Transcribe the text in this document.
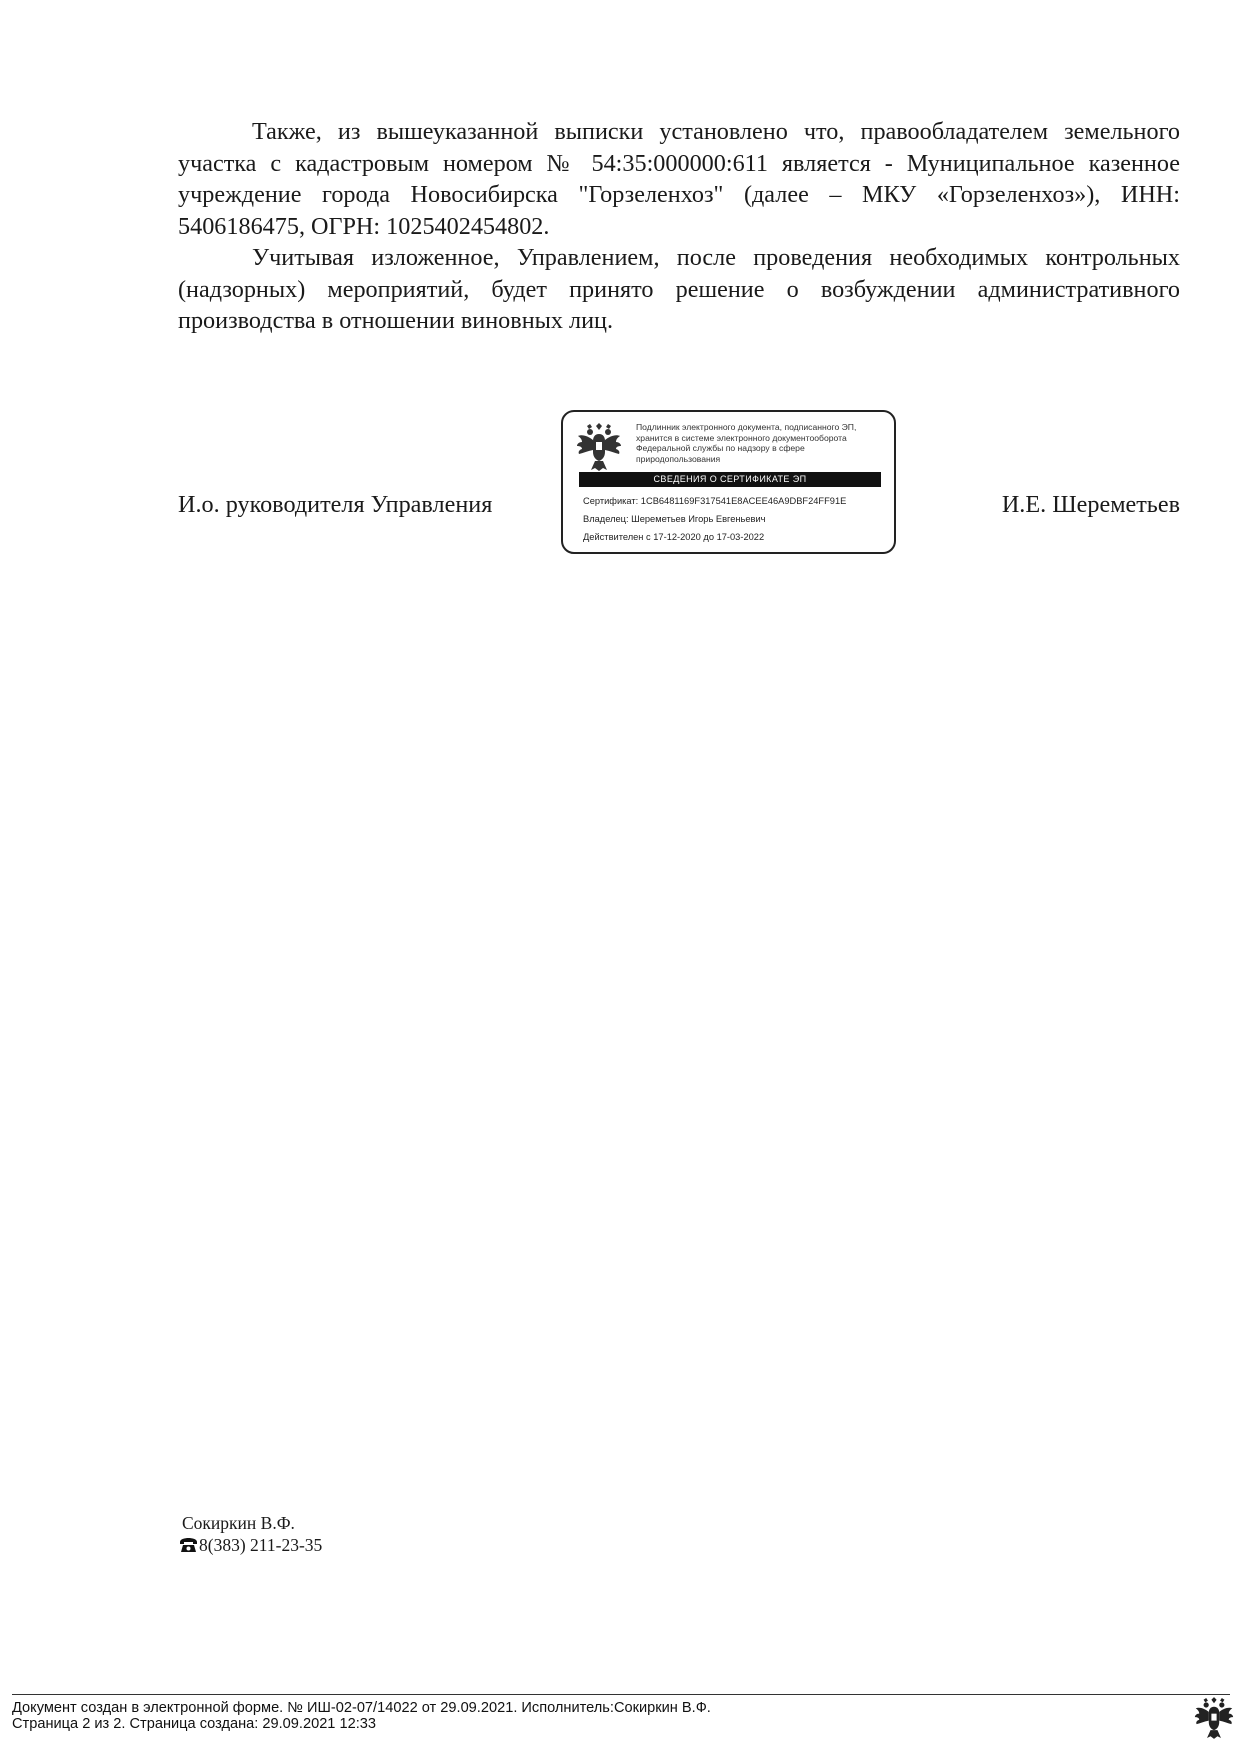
Также, из вышеуказанной выписки установлено что, правообладателем земельного участка с кадастровым номером № 54:35:000000:611 является - Муниципальное казенное учреждение города Новосибирска "Горзеленхоз" (далее – МКУ «Горзеленхоз»), ИНН: 5406186475, ОГРН: 1025402454802.

Учитывая изложенное, Управлением, после проведения необходимых контрольных (надзорных) мероприятий, будет принято решение о возбуждении административного производства в отношении виновных лиц.

И.о. руководителя Управления
Подлинник электронного документа, подписанного ЭП, хранится в системе электронного документооборота Федеральной службы по надзору в сфере природопользования
СВЕДЕНИЯ О СЕРТИФИКАТЕ ЭП
Сертификат: 1CB6481169F317541E8ACEE46A9DBF24FF91E
Владелец: Шереметьев Игорь Евгеньевич
Действителен с 17-12-2020 до 17-03-2022
И.Е. Шереметьев
Сокиркин В.Ф.
8(383) 211-23-35
Документ создан в электронной форме. № ИШ-02-07/14022 от 29.09.2021. Исполнитель:Сокиркин В.Ф.
Страница 2 из 2. Страница создана: 29.09.2021 12:33
